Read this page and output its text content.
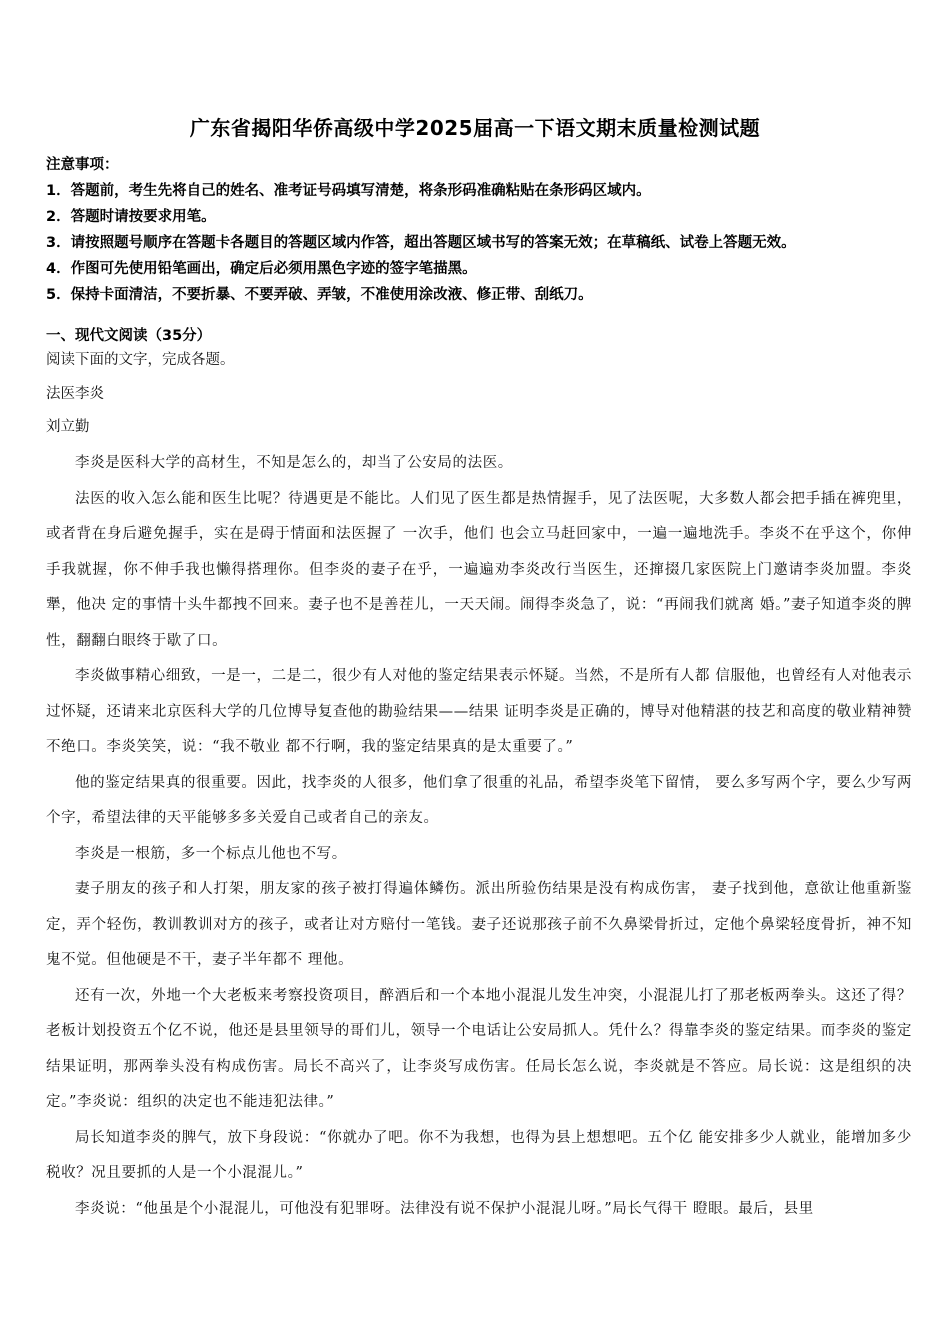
广东省揭阳华侨高级中学2025届高一下语文期末质量检测试题
注意事项：
1．答题前，考生先将自己的姓名、准考证号码填写清楚，将条形码准确粘贴在条形码区域内。
2．答题时请按要求用笔。
3．请按照题号顺序在答题卡各题目的答题区域内作答，超出答题区域书写的答案无效；在草稿纸、试卷上答题无效。
4．作图可先使用铅笔画出，确定后必须用黑色字迹的签字笔描黑。
5．保持卡面清洁，不要折暴、不要弄破、弄皱，不准使用涂改液、修正带、刮纸刀。
一、现代文阅读（35分）
阅读下面的文字，完成各题。
法医李炎
刘立勤

李炎是医科大学的高材生，不知是怎么的，却当了公安局的法医。

法医的收入怎么能和医生比呢？待遇更是不能比。人们见了医生都是热情握手，见了法医呢，大多数人都会把手插在裤兜里，或者背在身后避免握手，实在是碍于情面和法医握了 一次手，他们 也会立马赶回家中，一遍一遍地洗手。李炎不在乎这个，你伸手我就握，你不伸手我也懒得搭理你。但李炎的妻子在乎，一遍遍劝李炎改行当医生，还撺掇几家医院上门邀请李炎加盟。李炎犟，他决 定的事情十头牛都拽不回来。妻子也不是善茬儿，一天天闹。闹得李炎急了，说：“再闹我们就离 婚。”妻子知道李炎的脾性，翻翻白眼终于歇了口。

李炎做事精心细致，一是一，二是二，很少有人对他的鉴定结果表示怀疑。当然，不是所有人都 信服他，也曾经有人对他表示过怀疑，还请来北京医科大学的几位博导复查他的勘验结果——结果 证明李炎是正确的，博导对他精湛的技艺和高度的敬业精神赞不绝口。李炎笑笑，说：“我不敬业 都不行啊，我的鉴定结果真的是太重要了。”

他的鉴定结果真的很重要。因此，找李炎的人很多，他们拿了很重的礼品，希望李炎笔下留情， 要么多写两个字，要么少写两个字，希望法律的天平能够多多关爱自己或者自己的亲友。

李炎是一根筋，多一个标点儿他也不写。

妻子朋友的孩子和人打架，朋友家的孩子被打得遍体鳞伤。派出所验伤结果是没有构成伤害， 妻子找到他，意欲让他重新鉴定，弄个轻伤，教训教训对方的孩子，或者让对方赔付一笔钱。妻子还说那孩子前不久鼻梁骨折过，定他个鼻梁轻度骨折，神不知鬼不觉。但他硬是不干，妻子半年都不 理他。

还有一次，外地一个大老板来考察投资项目，醉酒后和一个本地小混混儿发生冲突，小混混儿打了那老板两拳头。这还了得？老板计划投资五个亿不说，他还是县里领导的哥们儿，领导一个电话让公安局抓人。凭什么？得靠李炎的鉴定结果。而李炎的鉴定结果证明，那两拳头没有构成伤害。局长不高兴了，让李炎写成伤害。任局长怎么说，李炎就是不答应。局长说：这是组织的决定。”李炎说：组织的决定也不能违犯法律。”

局长知道李炎的脾气，放下身段说：“你就办了吧。你不为我想，也得为县上想想吧。五个亿 能安排多少人就业，能增加多少税收？况且要抓的人是一个小混混儿。”

李炎说：“他虽是个小混混儿，可他没有犯罪呀。法律没有说不保护小混混儿呀。”局长气得干 瞪眼。最后，县里
